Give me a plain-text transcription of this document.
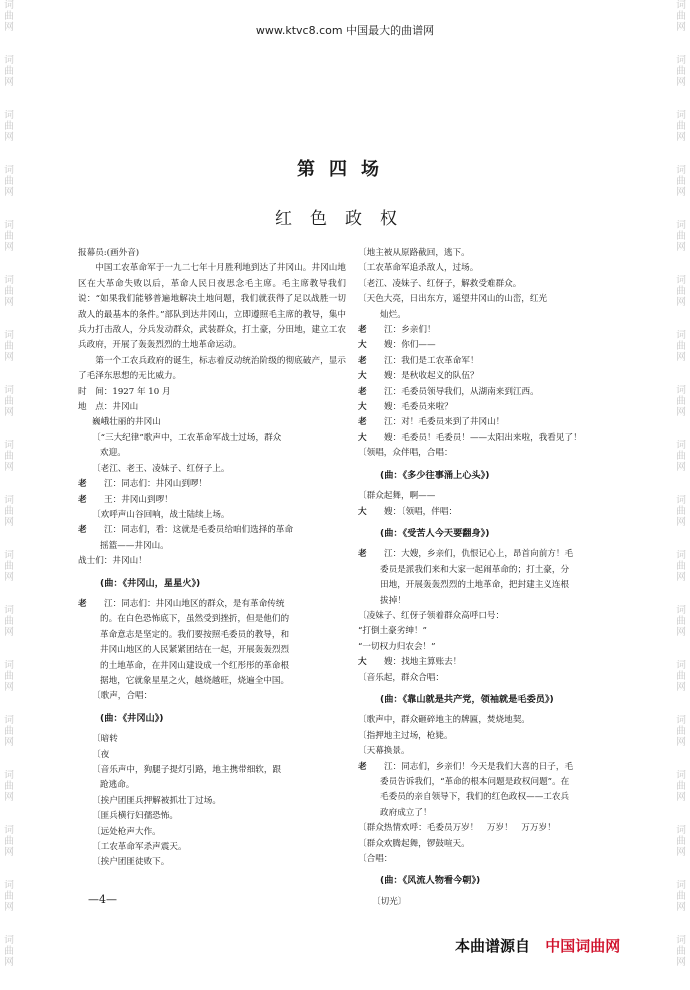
www.ktvc8.com 中国最大的曲谱网
词
曲
网
词
曲
网
词
曲
网
词
曲
网
词
曲
网
词
曲
网
词
曲
网
词
曲
网
词
曲
网
词
曲
网
词
曲
网
词
曲
网
词
曲
网
词
曲
网
词
曲
网
词
曲
网
词
曲
网
词
曲
网
词
曲
网
词
曲
网
词
曲
网
词
曲
网
词
曲
网
词
曲
网
词
曲
网
词
曲
网
词
曲
网
词
曲
网
词
曲
网
词
曲
网
词
曲
网
词
曲
网
词
曲
网
词
曲
网
词
曲
网
词
曲
网
第四场
红色政权
报幕员:(画外音)
中国工农革命军于一九二七年十月胜利地到达了井冈山。井冈山地区在大革命失败以后，革命人民日夜思念毛主席。毛主席教导我们说：“如果我们能够普遍地解决土地问题，我们就获得了足以战胜一切敌人的最基本的条件。”部队到达井冈山，立即遵照毛主席的教导，集中兵力打击敌人，分兵发动群众，武装群众，打土豪，分田地，建立工农兵政府，开展了轰轰烈烈的土地革命运动。
第一个工农兵政府的诞生，标志着反动统治阶级的彻底破产，显示了毛泽东思想的无比威力。
时　间：1927 年 10 月
地　点：井冈山
巍峨壮丽的井冈山
〔“三大纪律”歌声中，工农革命军战士过场，群众
欢迎。
〔老江、老王、凌妹子、红伢子上。
老 江：同志们：井冈山到啰！
老 王：井冈山到啰！
〔欢呼声山谷回响，战士陆续上场。
老 江：同志们，看：这就是毛委员给咱们选择的革命
摇篮——井冈山。
战士们：井冈山！
(曲：《井冈山，星星火》)
老 江：同志们：井冈山地区的群众，是有革命传统
的。在白色恐怖底下，虽然受到挫折，但是他们的
革命意志是坚定的。我们要按照毛委员的教导，和
井冈山地区的人民紧紧团结在一起，开展轰轰烈烈
的土地革命，在井冈山建设成一个红彤彤的革命根
据地，它就象星星之火，越烧越旺，烧遍全中国。
〔歌声，合唱：
(曲：《井冈山》)
〔暗转
〔夜
〔音乐声中，狗腿子提灯引路，地主携带细软，跟
跄逃命。
〔挨户团匪兵押解被抓壮丁过场。
〔匪兵横行妇孺恐怖。
〔远处枪声大作。
〔工农革命军杀声震天。
〔挨户团匪徒败下。
〔地主被从原路截回，逃下。
〔工农革命军追杀敌人，过场。
〔老江、凌妹子、红伢子，解救受难群众。
〔天色大亮，日出东方，遥望井冈山的山峦，红光
灿烂。
老 江：乡亲们！
大 嫂：你们——
老 江：我们是工农革命军！
大 嫂：是秋收起义的队伍？
老 江：毛委员领导我们，从湖南来到江西。
大 嫂：毛委员来啦？
老 江：对！毛委员来到了井冈山！
大 嫂：毛委员！毛委员！——太阳出来啦，我看见了！
〔领唱，众伴唱，合唱：
(曲：《多少往事涌上心头》)
〔群众起舞，啊——
大 嫂：〔领唱，伴唱：
(曲：《受苦人今天要翻身》)
老 江：大嫂，乡亲们，仇恨记心上，昂首向前方！毛
委员是派我们来和大家一起闹革命的；打土豪，分
田地，开展轰轰烈烈的土地革命，把封建主义连根
拔掉！
〔凌妹子、红伢子领着群众高呼口号：
“打倒土豪劣绅！”
“一切权力归农会！”
大 嫂：找地主算账去！
〔音乐起，群众合唱：
(曲：《靠山就是共产党，领袖就是毛委员》)
〔歌声中，群众砸碎地主的牌匾，焚烧地契。
〔指押地主过场，枪毙。
〔天幕换景。
老 江：同志们，乡亲们！今天是我们大喜的日子，毛
委员告诉我们，“革命的根本问题是政权问题”。在
毛委员的亲自领导下，我们的红色政权——工农兵
政府成立了！
〔群众热情欢呼：毛委员万岁！　万岁！　万万岁！
〔群众欢腾起舞，锣鼓喧天。
〔合唱：
(曲：《风流人物看今朝》)
〔切光〕
—4—
本曲谱源自 中国词曲网
